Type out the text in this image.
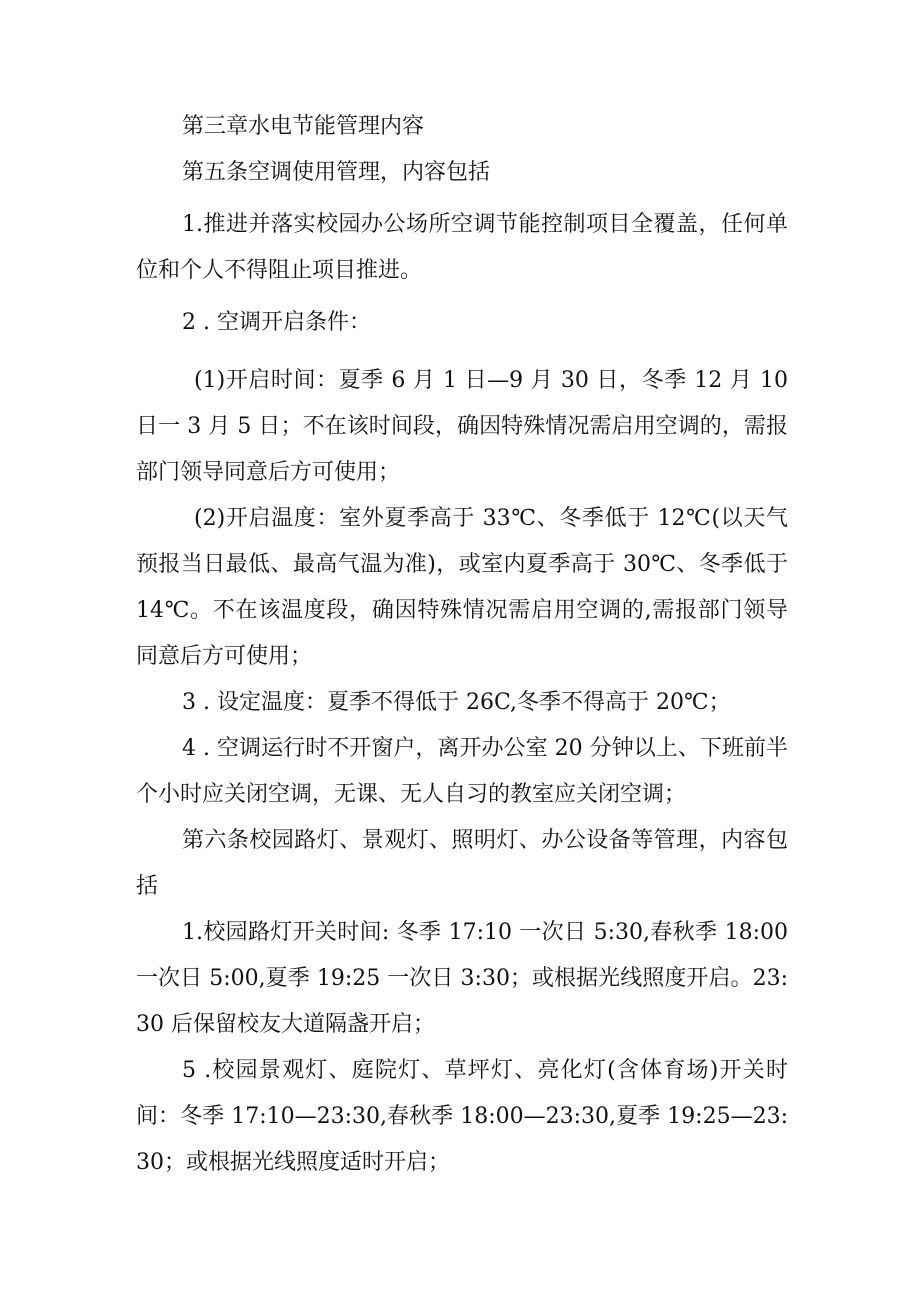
第三章水电节能管理内容

第五条空调使用管理，内容包括

1.推进并落实校园办公场所空调节能控制项目全覆盖，任何单位和个人不得阻止项目推进。

2 . 空调开启条件：

(1)开启时间：夏季 6 月 1 日—9 月 30 日，冬季 12 月 10 日一 3 月 5 日；不在该时间段，确因特殊情况需启用空调的，需报部门领导同意后方可使用；

(2)开启温度：室外夏季高于 33℃、冬季低于 12℃(以天气预报当日最低、最高气温为准)，或室内夏季高于 30℃、冬季低于 14℃。不在该温度段，确因特殊情况需启用空调的,需报部门领导同意后方可使用；

3 . 设定温度：夏季不得低于 26C,冬季不得高于 20℃；

4 . 空调运行时不开窗户，离开办公室 20 分钟以上、下班前半个小时应关闭空调，无课、无人自习的教室应关闭空调；

第六条校园路灯、景观灯、照明灯、办公设备等管理，内容包括

1.校园路灯开关时间: 冬季 17:10 一次日 5:30,春秋季 18:00 一次日 5:00,夏季 19:25 一次日 3:30；或根据光线照度开启。23:30 后保留校友大道隔盏开启；

5 .校园景观灯、庭院灯、草坪灯、亮化灯(含体育场)开关时间：冬季 17:10—23:30,春秋季 18:00—23:30,夏季 19:25—23:30；或根据光线照度适时开启；
